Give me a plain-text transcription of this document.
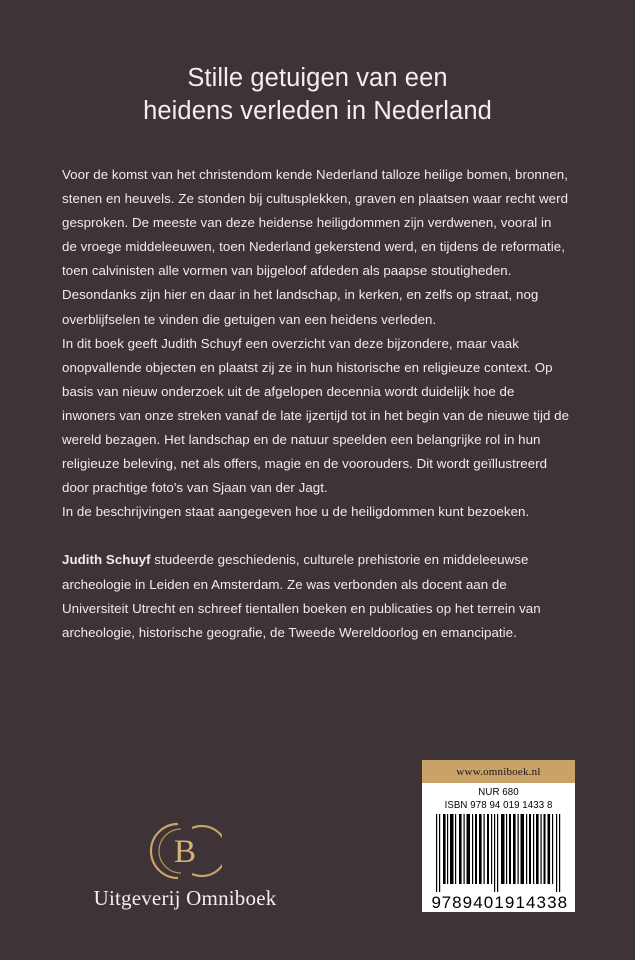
Stille getuigen van een
heidens verleden in Nederland

Voor de komst van het christendom kende Nederland talloze heilige bomen, bronnen, stenen en heuvels. Ze stonden bij cultusplekken, graven en plaatsen waar recht werd gesproken. De meeste van deze heidense heiligdommen zijn verdwenen, vooral in de vroege middeleeuwen, toen Nederland gekerstend werd, en tijdens de reformatie, toen calvinisten alle vormen van bijgeloof afdeden als paapse stoutigheden. Desondanks zijn hier en daar in het landschap, in kerken, en zelfs op straat, nog overblijfselen te vinden die getuigen van een heidens verleden.

In dit boek geeft Judith Schuyf een overzicht van deze bijzondere, maar vaak onopvallende objecten en plaatst zij ze in hun historische en religieuze context. Op basis van nieuw onderzoek uit de afgelopen decennia wordt duidelijk hoe de inwoners van onze streken vanaf de late ijzertijd tot in het begin van de nieuwe tijd de wereld bezagen. Het landschap en de natuur speelden een belangrijke rol in hun religieuze beleving, net als offers, magie en de voorouders. Dit wordt geïllustreerd door prachtige foto's van Sjaan van der Jagt.

In de beschrijvingen staat aangegeven hoe u de heiligdommen kunt bezoeken.

Judith Schuyf studeerde geschiedenis, culturele prehistorie en middeleeuwse archeologie in Leiden en Amsterdam. Ze was verbonden als docent aan de Universiteit Utrecht en schreef tientallen boeken en publicaties op het terrein van archeologie, historische geografie, de Tweede Wereldoorlog en emancipatie.

B
Uitgeverij Omniboek
www.omniboek.nl
NUR 680
ISBN 978 94 019 1433 8
9 789401 914338
